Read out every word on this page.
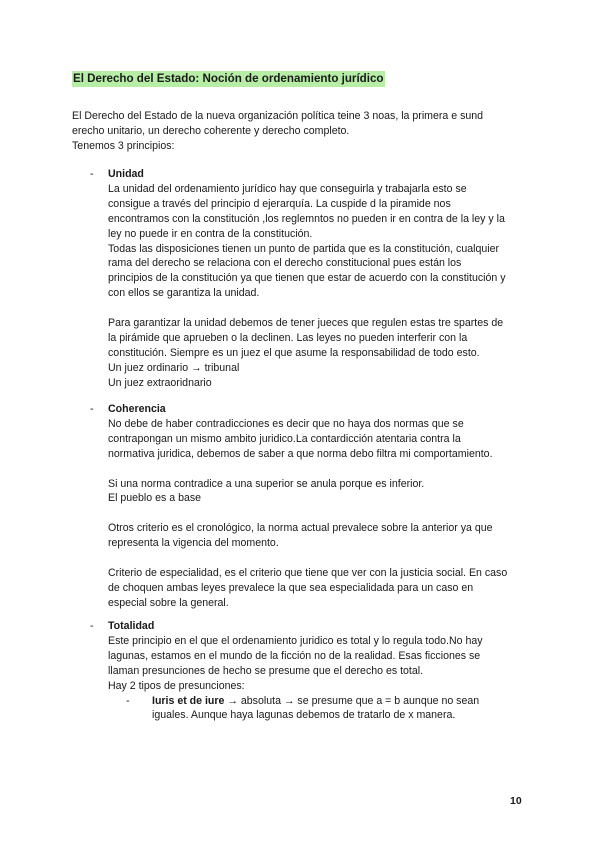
El Derecho del Estado: Noción de ordenamiento jurídico

El Derecho del Estado de la nueva organización política teine 3 noas, la primera e sund

erecho unitario, un derecho coherente y derecho completo.

Tenemos 3 principios:

- Unidad

La unidad del ordenamiento jurídico hay que conseguirla y trabajarla esto se

consigue a través del principio d ejerarquía. La cuspide d la piramide nos

encontramos con la constitución ,los reglemntos no pueden ir en contra de la ley y la

ley no puede ir en contra de la constitución.

Todas las disposiciones tienen un punto de partida que es la constitución, cualquier

rama del derecho se relaciona con el derecho constitucional pues están los

principios de la constitución ya que tienen que estar de acuerdo con la constitución y

con ellos se garantiza la unidad.

Para garantizar la unidad debemos de tener jueces que regulen estas tre spartes de

la pirámide que aprueben o la declinen. Las leyes no pueden interferir con la

constitución. Siempre es un juez el que asume la responsabilidad de todo esto.

Un juez ordinario → tribunal

Un juez extraoridnario

- Coherencia

No debe de haber contradicciones es decir que no haya dos normas que se

contrapongan un mismo ambito juridico.La contardicción atentaria contra la

normativa juridica, debemos de saber a que norma debo filtra mi comportamiento.

Si una norma contradice a una superior se anula porque es inferior.

El pueblo es a base

Otros criterio es el cronológico, la norma actual prevalece sobre la anterior ya que

representa la vigencia del momento.

Criterio de especialidad, es el criterio que tiene que ver con la justicia social. En caso

de choquen ambas leyes prevalece la que sea especialidada para un caso en

especial sobre la general.

- Totalidad

Este principio en el que el ordenamiento juridico es total y lo regula todo.No hay

lagunas, estamos en el mundo de la ficción no de la realidad. Esas ficciones se

llaman presunciones de hecho se presume que el derecho es total.

Hay 2 tipos de presunciones:

- Iuris et de iure → absoluta → se presume que a = b aunque no sean

iguales. Aunque haya lagunas debemos de tratarlo de x manera.

10
